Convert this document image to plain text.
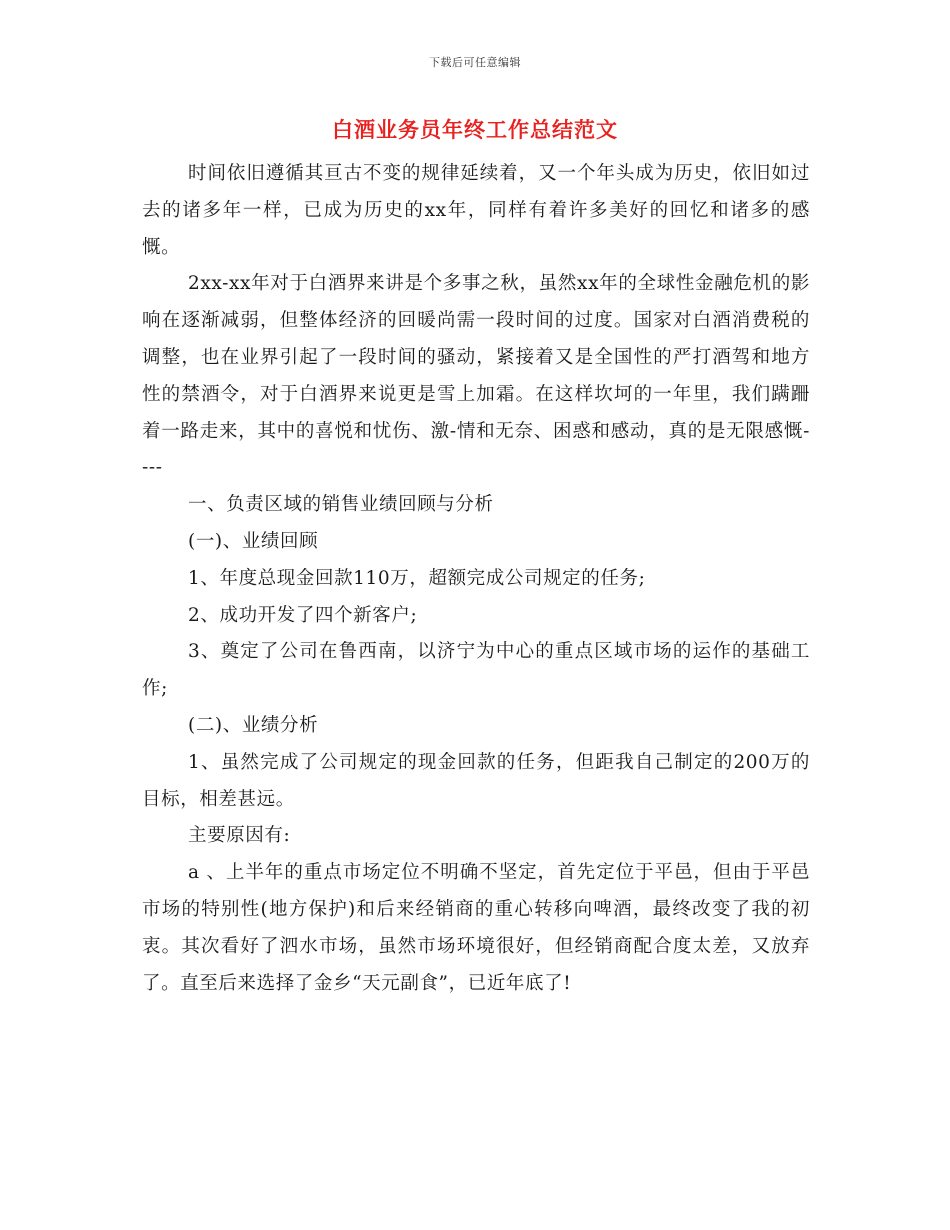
下载后可任意编辑
白酒业务员年终工作总结范文

时间依旧遵循其亘古不变的规律延续着，又一个年头成为历史，依旧如过去的诸多年一样，已成为历史的xx年，同样有着许多美好的回忆和诸多的感慨。

2xx-xx年对于白酒界来讲是个多事之秋，虽然xx年的全球性金融危机的影响在逐渐减弱，但整体经济的回暖尚需一段时间的过度。国家对白酒消费税的调整，也在业界引起了一段时间的骚动，紧接着又是全国性的严打酒驾和地方性的禁酒令，对于白酒界来说更是雪上加霜。在这样坎坷的一年里，我们蹒跚着一路走来，其中的喜悦和忧伤、激-情和无奈、困惑和感动，真的是无限感慨----

一、负责区域的销售业绩回顾与分析

(一)、业绩回顾

1、年度总现金回款110万，超额完成公司规定的任务;

2、成功开发了四个新客户;

3、奠定了公司在鲁西南，以济宁为中心的重点区域市场的运作的基础工作;

(二)、业绩分析

1、虽然完成了公司规定的现金回款的任务，但距我自己制定的200万的目标，相差甚远。

主要原因有:

a 、上半年的重点市场定位不明确不坚定，首先定位于平邑，但由于平邑市场的特别性(地方保护)和后来经销商的重心转移向啤酒，最终改变了我的初衷。其次看好了泗水市场，虽然市场环境很好，但经销商配合度太差，又放弃了。直至后来选择了金乡“天元副食”，已近年底了!
